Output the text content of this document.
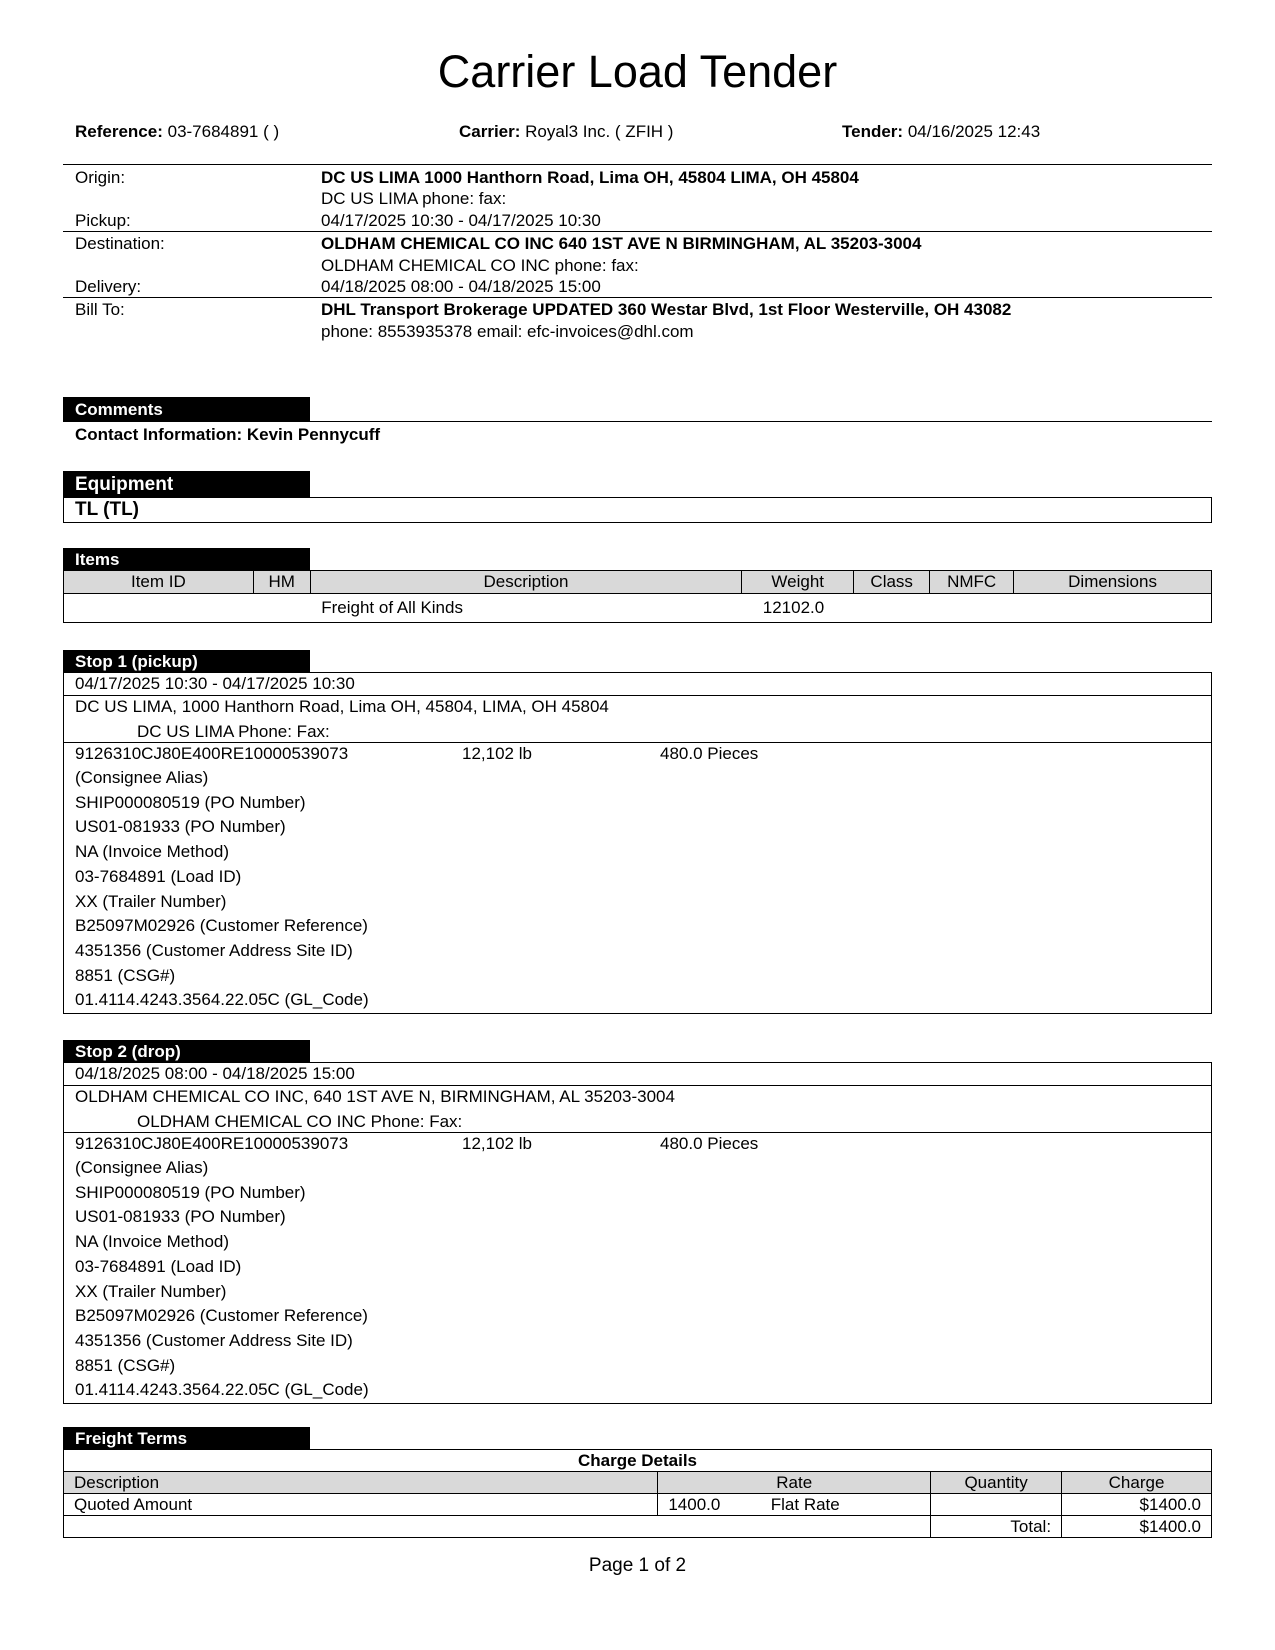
Carrier Load Tender
Reference: 03-7684891 ( )	Carrier: Royal3 Inc. ( ZFIH )	Tender: 04/16/2025 12:43
Origin:	DC US LIMA 1000 Hanthorn Road, Lima OH, 45804 LIMA, OH 45804
DC US LIMA phone: fax:
Pickup:	04/17/2025 10:30 - 04/17/2025 10:30
Destination:	OLDHAM CHEMICAL CO INC 640 1ST AVE N BIRMINGHAM, AL 35203-3004
OLDHAM CHEMICAL CO INC phone: fax:
Delivery:	04/18/2025 08:00 - 04/18/2025 15:00
Bill To:	DHL Transport Brokerage UPDATED 360 Westar Blvd, 1st Floor Westerville, OH 43082
phone: 8553935378 email: efc-invoices@dhl.com
Comments
Contact Information: Kevin Pennycuff
Equipment
TL (TL)
Items
Item ID	HM	Description	Weight	Class	NMFC	Dimensions
		Freight of All Kinds	12102.0			
Stop 1 (pickup)
04/17/2025 10:30 - 04/17/2025 10:30
DC US LIMA, 1000 Hanthorn Road, Lima OH, 45804, LIMA, OH 45804
DC US LIMA Phone: Fax:
9126310CJ80E400RE10000539073	12,102 lb	480.0 Pieces
(Consignee Alias)
SHIP000080519 (PO Number)
US01-081933 (PO Number)
NA (Invoice Method)
03-7684891 (Load ID)
XX (Trailer Number)
B25097M02926 (Customer Reference)
4351356 (Customer Address Site ID)
8851 (CSG#)
01.4114.4243.3564.22.05C (GL_Code)
Stop 2 (drop)
04/18/2025 08:00 - 04/18/2025 15:00
OLDHAM CHEMICAL CO INC, 640 1ST AVE N, BIRMINGHAM, AL 35203-3004
OLDHAM CHEMICAL CO INC Phone: Fax:
9126310CJ80E400RE10000539073	12,102 lb	480.0 Pieces
(Consignee Alias)
SHIP000080519 (PO Number)
US01-081933 (PO Number)
NA (Invoice Method)
03-7684891 (Load ID)
XX (Trailer Number)
B25097M02926 (Customer Reference)
4351356 (Customer Address Site ID)
8851 (CSG#)
01.4114.4243.3564.22.05C (GL_Code)
Freight Terms
Charge Details				
Description	Rate		Quantity	Charge
Quoted Amount	1400.0	Flat Rate		$1400.0
			Total:	$1400.0
Page 1 of 2
